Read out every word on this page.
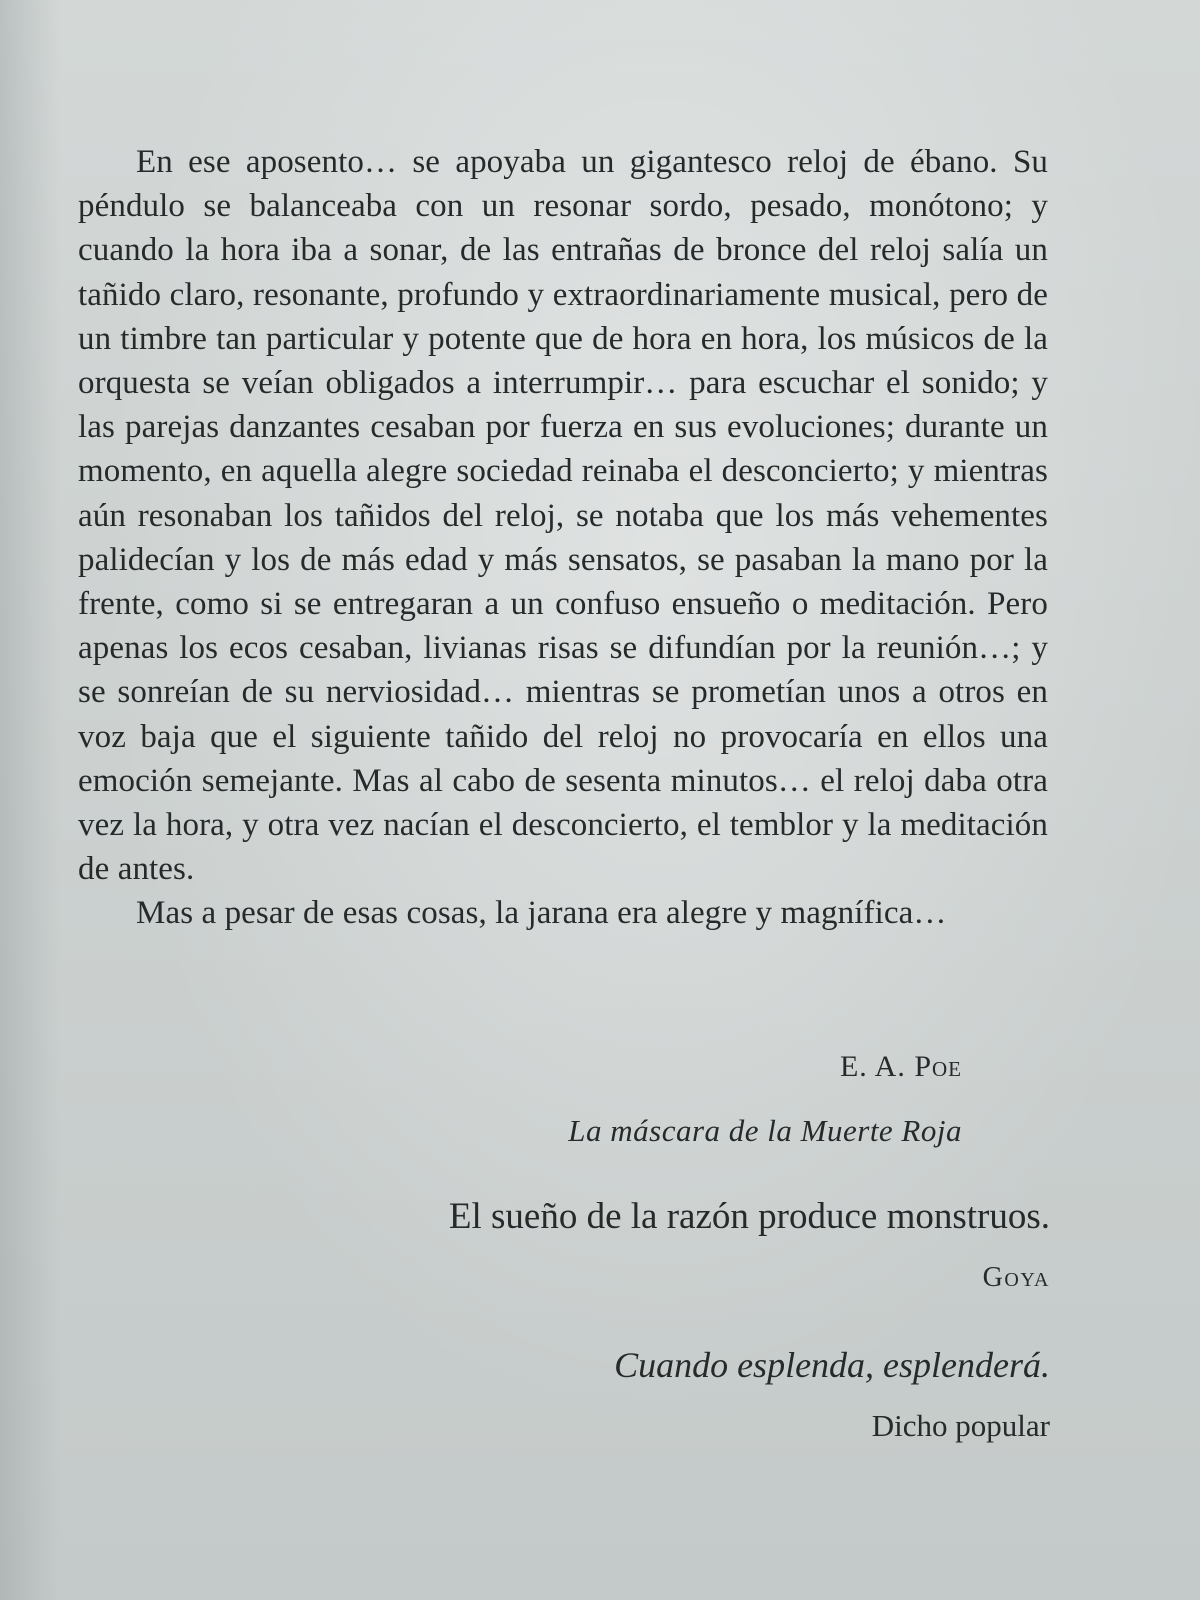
En ese aposento… se apoyaba un gigantesco reloj de ébano. Su péndulo se balanceaba con un resonar sordo, pesado, monótono; y cuando la hora iba a sonar, de las entrañas de bronce del reloj salía un tañido claro, resonante, profundo y extraordinariamente musical, pero de un timbre tan particular y potente que de hora en hora, los músicos de la orquesta se veían obligados a interrumpir… para escuchar el sonido; y las parejas danzantes cesaban por fuerza en sus evoluciones; durante un momento, en aquella alegre sociedad reinaba el desconcierto; y mientras aún resonaban los tañidos del reloj, se notaba que los más vehementes palidecían y los de más edad y más sensatos, se pasaban la mano por la frente, como si se entregaran a un confuso ensueño o meditación. Pero apenas los ecos cesaban, livianas risas se difundían por la reunión…; y se sonreían de su nerviosidad… mientras se prometían unos a otros en voz baja que el siguiente tañido del reloj no provocaría en ellos una emoción semejante. Mas al cabo de sesenta minutos… el reloj daba otra vez la hora, y otra vez nacían el desconcierto, el temblor y la meditación de antes.

Mas a pesar de esas cosas, la jarana era alegre y magnífica…

E. A. Poe
La máscara de la Muerte Roja
El sueño de la razón produce monstruos.
Goya
Cuando esplenda, esplenderá.
Dicho popular
